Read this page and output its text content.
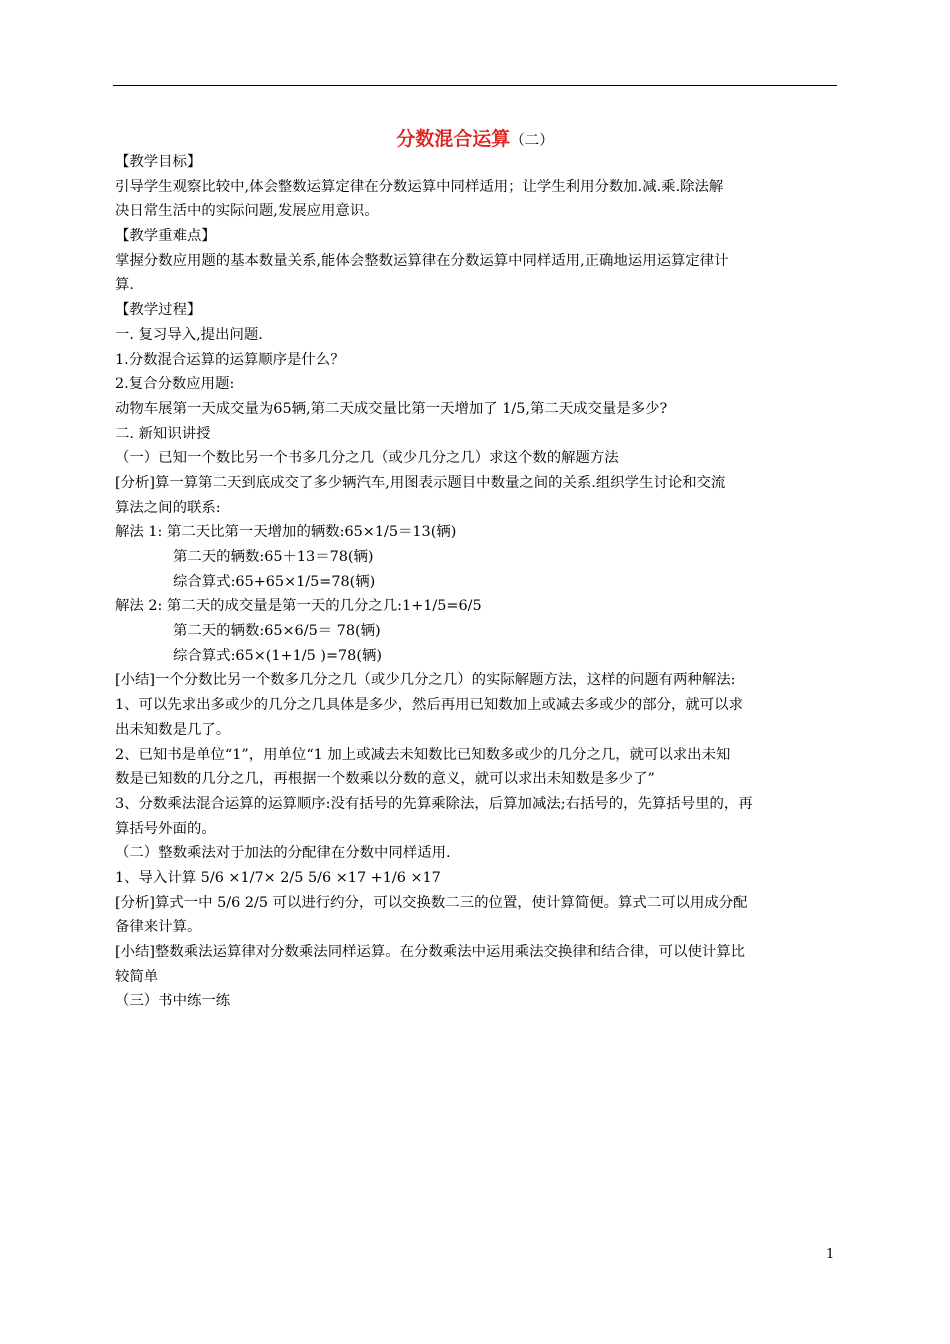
分数混合运算（二）
【教学目标】
引导学生观察比较中,体会整数运算定律在分数运算中同样适用；让学生利用分数加.减.乘.除法解
决日常生活中的实际问题,发展应用意识。
【教学重难点】
掌握分数应用题的基本数量关系,能体会整数运算律在分数运算中同样适用,正确地运用运算定律计
算.
【教学过程】
一. 复习导入,提出问题.
1.分数混合运算的运算顺序是什么？
2.复合分数应用题:
动物车展第一天成交量为65辆,第二天成交量比第一天增加了 1/5,第二天成交量是多少?
二. 新知识讲授
（一）已知一个数比另一个书多几分之几（或少几分之几）求这个数的解题方法
[分析]算一算第二天到底成交了多少辆汽车,用图表示题目中数量之间的关系.组织学生讨论和交流
算法之间的联系:
解法 1: 第二天比第一天增加的辆数:65×1/5＝13(辆)
第二天的辆数:65＋13＝78(辆)
综合算式:65+65×1/5=78(辆)
解法 2: 第二天的成交量是第一天的几分之几:1+1/5=6/5
第二天的辆数:65×6/5＝ 78(辆)
综合算式:65×(1+1/5 )=78(辆)
[小结]一个分数比另一个数多几分之几（或少几分之几）的实际解题方法，这样的问题有两种解法:
1、可以先求出多或少的几分之几具体是多少，然后再用已知数加上或减去多或少的部分，就可以求
出未知数是几了。
2、已知书是单位“1”，用单位“1 加上或减去未知数比已知数多或少的几分之几，就可以求出未知
数是已知数的几分之几，再根据一个数乘以分数的意义，就可以求出未知数是多少了”
3、分数乘法混合运算的运算顺序:没有括号的先算乘除法，后算加减法;右括号的，先算括号里的，再
算括号外面的。
（二）整数乘法对于加法的分配律在分数中同样适用.
1、导入计算 5/6 ×1/7× 2/5 5/6 ×17 +1/6 ×17
[分析]算式一中 5/6 2/5 可以进行约分，可以交换数二三的位置，使计算简便。算式二可以用成分配
备律来计算。
[小结]整数乘法运算律对分数乘法同样运算。在分数乘法中运用乘法交换律和结合律，可以使计算比
较简单
（三）书中练一练
1
